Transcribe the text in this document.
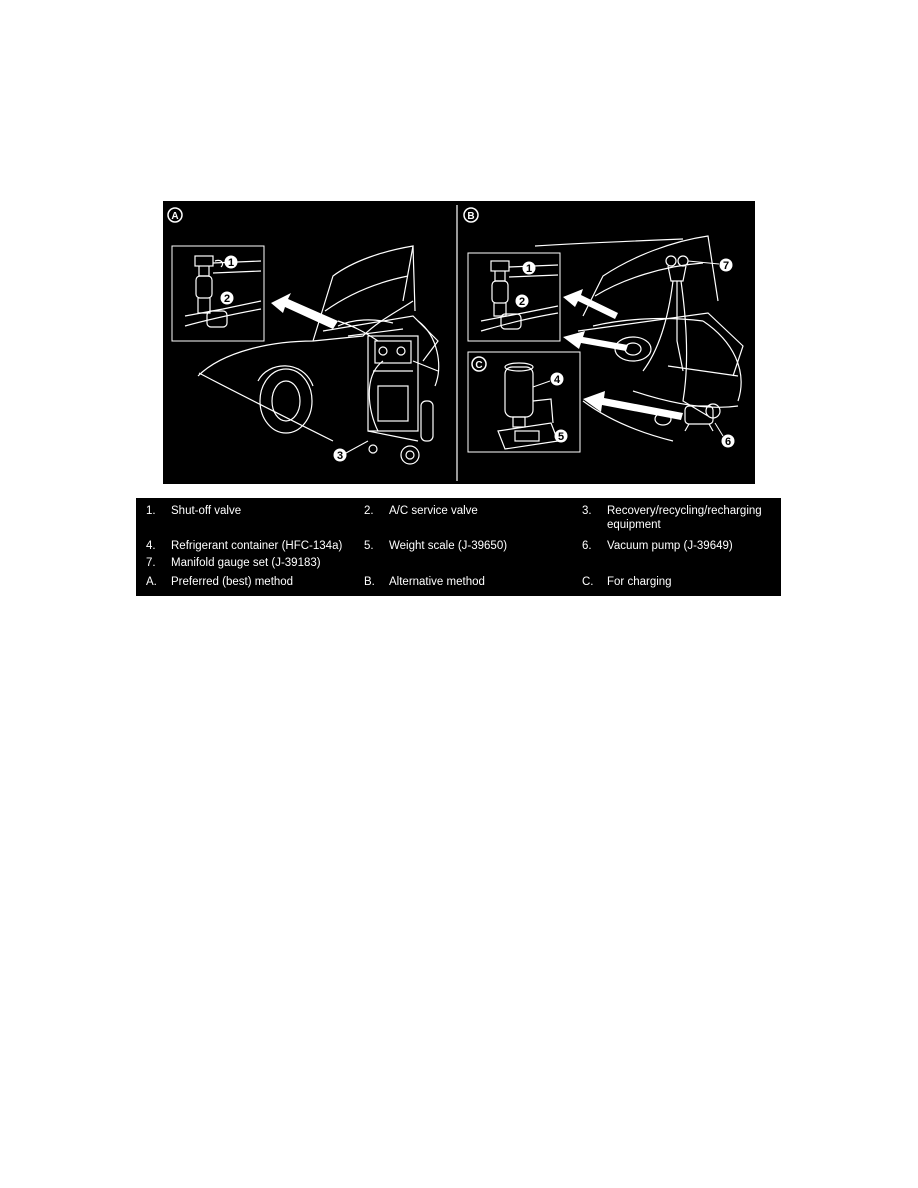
1
2
3
A
1
2
4
5	6
7
B
C
1. Shut-off valve	2. A/C service valve	3. Recovery/recycling/recharging equipment
4. Refrigerant container (HFC-134a)	5. Weight scale (J-39650)	6. Vacuum pump (J-39649)
7. Manifold gauge set (J-39183)
A. Preferred (best) method	B. Alternative method	C. For charging
